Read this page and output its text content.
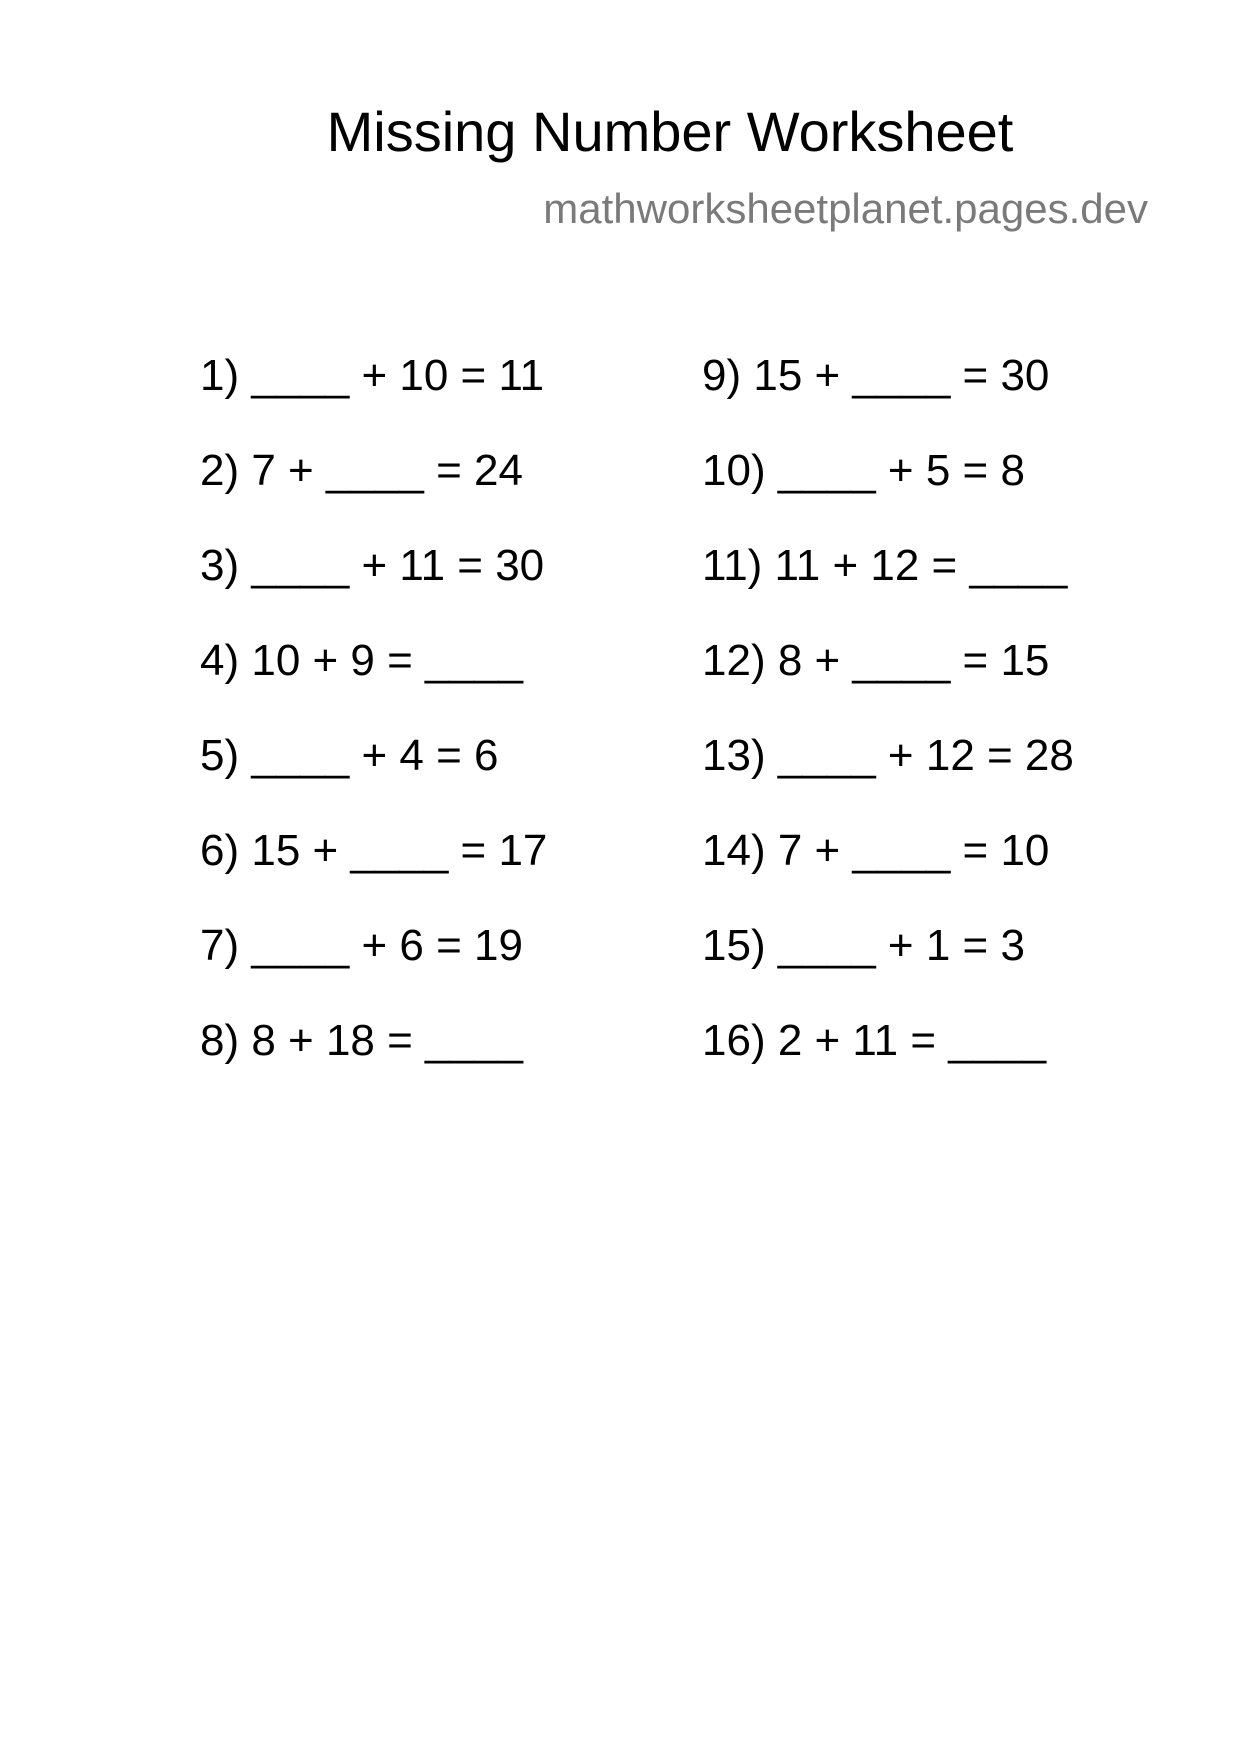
Missing Number Worksheet
mathworksheetplanet.pages.dev
1) ____ + 10 = 11
2) 7 + ____ = 24
3) ____ + 11 = 30
4) 10 + 9 = ____
5) ____ + 4 = 6
6) 15 + ____ = 17
7) ____ + 6 = 19
8) 8 + 18 = ____
9) 15 + ____ = 30
10) ____ + 5 = 8
11) 11 + 12 = ____
12) 8 + ____ = 15
13) ____ + 12 = 28
14) 7 + ____ = 10
15) ____ + 1 = 3
16) 2 + 11 = ____
